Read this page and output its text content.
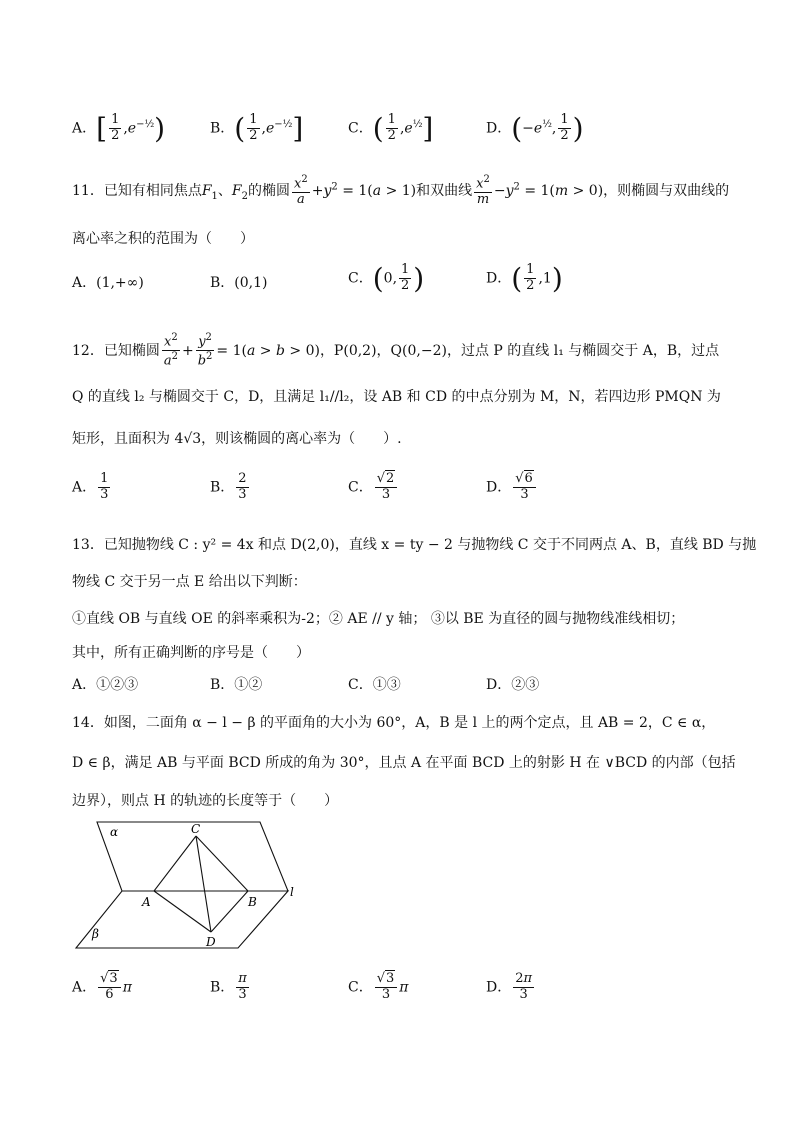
A．[ $\frac{1}{2} ,e^{-\frac{1}{2}}$)	B．( $\frac{1}{2} ,e^{-\frac{1}{2}}$]	C．( $\frac{1}{2} ,e^{\frac{1}{2}}$]	D．($-e^{\frac{1}{2}}$, $\frac{1}{2}$ )
11．已知有相同焦点$F_1$、$F_2$的椭圆 $\frac{x^2}{a} +y^2 = 1(a > 1)$和双曲线 $\frac{x^2}{m} -y^2 = 1(m > 0)$，则椭圆与双曲线的
离心率之积的范围为（　　）
A．(1,+∞)	B．(0,1)	C．(0, $\frac{1}{2}$ )	D．( $\frac{1}{2} ,1$)
12．已知椭圆 $\frac{x^2}{a^2} + \frac{y^2}{b^2} = 1(a > b > 0)$，P(0,2)，Q(0,−2)，过点 P 的直线 l₁ 与椭圆交于 A，B，过点
Q 的直线 l₂ 与椭圆交于 C，D，且满足 l₁//l₂，设 AB 和 CD 的中点分别为 M，N，若四边形 PMQN 为
矩形，且面积为 4√3，则该椭圆的离心率为（　　）.
A． $\frac{1}{3}$	B． $\frac{2}{3}$	C． $\frac{√2}{3}$	D． $\frac{√6}{3}$
13．已知抛物线 C : y² = 4x 和点 D(2,0)，直线 x = ty − 2 与抛物线 C 交于不同两点 A、B，直线 BD 与抛
物线 C 交于另一点 E 给出以下判断：
①直线 OB 与直线 OE 的斜率乘积为-2；② AE // y 轴； ③以 BE 为直径的圆与抛物线准线相切；
其中，所有正确判断的序号是（　　）
A．①②③	B．①②	C．①③	D．②③
14．如图，二面角 α − l − β 的平面角的大小为 60°，A，B 是 l 上的两个定点，且 AB = 2，C ∈ α，
D ∈ β，满足 AB 与平面 BCD 所成的角为 30°，且点 A 在平面 BCD 上的射影 H 在 ∨BCD 的内部（包括
边界），则点 H 的轨迹的长度等于（　　）
α
β
l
A	B
C
D
A． $\frac{√3}{6}$ π	B． $\frac{\pi}{3}$	C． $\frac{√3}{3}$ π	D． $\frac{2\pi}{3}$
